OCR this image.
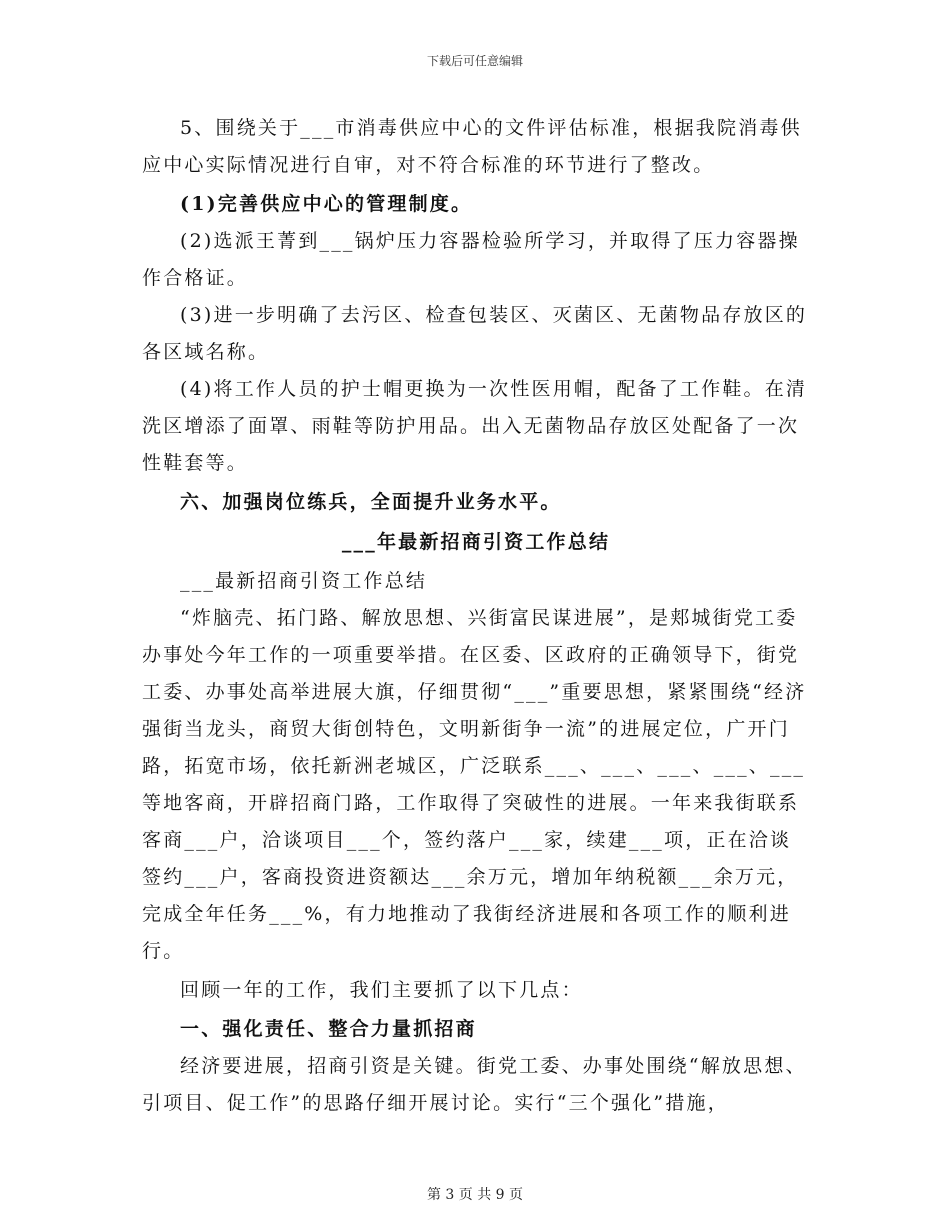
下载后可任意编辑

5、围绕关于___市消毒供应中心的文件评估标准，根据我院消毒供应中心实际情况进行自审，对不符合标准的环节进行了整改。

(1)完善供应中心的管理制度。

(2)选派王菁到___锅炉压力容器检验所学习，并取得了压力容器操作合格证。

(3)进一步明确了去污区、检查包装区、灭菌区、无菌物品存放区的各区域名称。

(4)将工作人员的护士帽更换为一次性医用帽，配备了工作鞋。在清洗区增添了面罩、雨鞋等防护用品。出入无菌物品存放区处配备了一次性鞋套等。

六、加强岗位练兵，全面提升业务水平。

___年最新招商引资工作总结

___最新招商引资工作总结

“炸脑壳、拓门路、解放思想、兴街富民谋进展”，是郏城街党工委办事处今年工作的一项重要举措。在区委、区政府的正确领导下，街党工委、办事处高举进展大旗，仔细贯彻“___”重要思想，紧紧围绕“经济强街当龙头，商贸大街创特色，文明新街争一流”的进展定位，广开门路，拓宽市场，依托新洲老城区，广泛联系___、___、___、___、___等地客商，开辟招商门路，工作取得了突破性的进展。一年来我街联系客商___户，洽谈项目___个，签约落户___家，续建___项，正在洽谈签约___户，客商投资进资额达___余万元，增加年纳税额___余万元，完成全年任务___%，有力地推动了我街经济进展和各项工作的顺利进行。

回顾一年的工作，我们主要抓了以下几点：

一、强化责任、整合力量抓招商

经济要进展，招商引资是关键。街党工委、办事处围绕“解放思想、引项目、促工作”的思路仔细开展讨论。实行“三个强化”措施，

第 3 页 共 9 页
